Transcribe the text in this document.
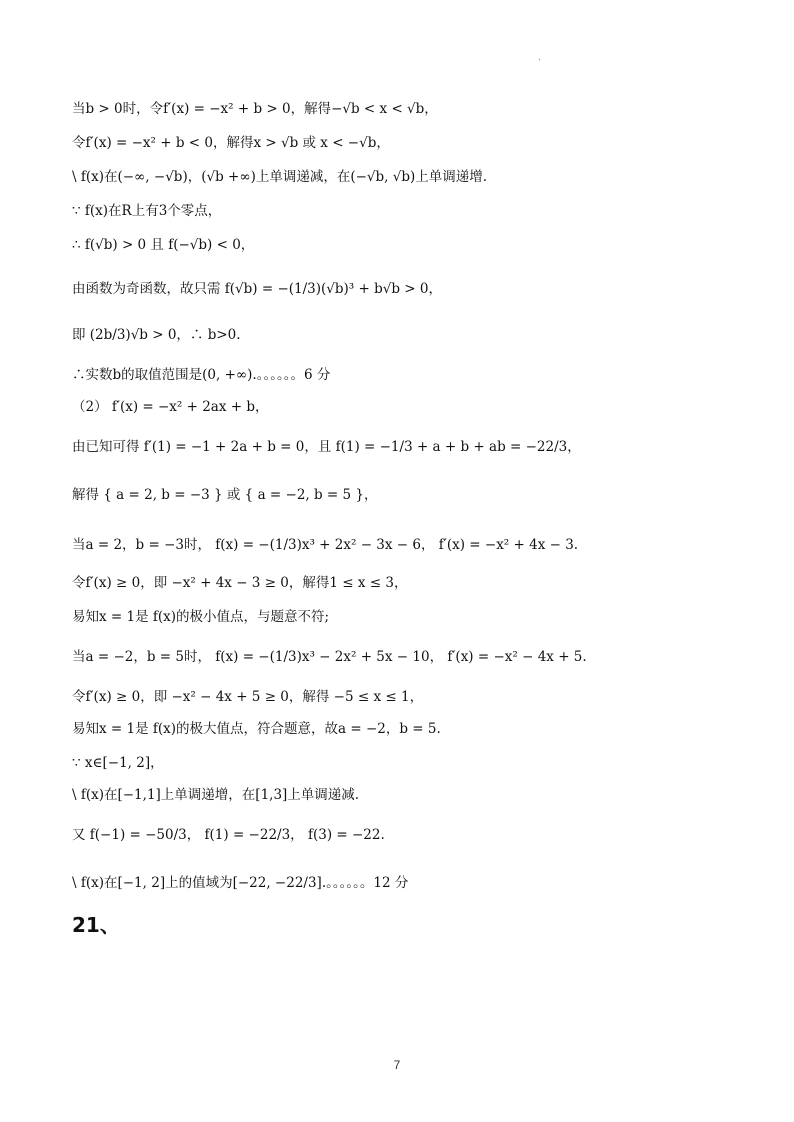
.
当b > 0时，令f′(x) = −x² + b > 0，解得−√b < x < √b，
令f′(x) = −x² + b < 0，解得x > √b 或 x < −√b，
\ f(x)在(−∞, −√b)，(√b +∞)上单调递减，在(−√b, √b)上单调递增.
∵ f(x)在R上有3个零点，
∴ f(√b) > 0 且 f(−√b) < 0，
由函数为奇函数，故只需 f(√b) = −(1/3)(√b)³ + b√b > 0，
即 (2b/3)√b > 0，∴ b>0.
∴实数b的取值范围是(0, +∞).。。。。。。6 分
（2） f′(x) = −x² + 2ax + b，
由已知可得 f′(1) = −1 + 2a + b = 0，且 f(1) = −1/3 + a + b + ab = −22/3，
解得 { a = 2, b = −3 } 或 { a = −2, b = 5 }，
当a = 2，b = −3时， f(x) = −(1/3)x³ + 2x² − 3x − 6， f′(x) = −x² + 4x − 3.
令f′(x) ≥ 0，即 −x² + 4x − 3 ≥ 0，解得1 ≤ x ≤ 3，
易知x = 1是 f(x)的极小值点，与题意不符;
当a = −2，b = 5时， f(x) = −(1/3)x³ − 2x² + 5x − 10， f′(x) = −x² − 4x + 5.
令f′(x) ≥ 0，即 −x² − 4x + 5 ≥ 0，解得 −5 ≤ x ≤ 1，
易知x = 1是 f(x)的极大值点，符合题意，故a = −2，b = 5.
∵ x∈[−1, 2]，
\ f(x)在[−1,1]上单调递增，在[1,3]上单调递减.
又 f(−1) = −50/3， f(1) = −22/3， f(3) = −22.
\ f(x)在[−1, 2]上的值域为[−22, −22/3].。。。。。。12 分
21、
7
